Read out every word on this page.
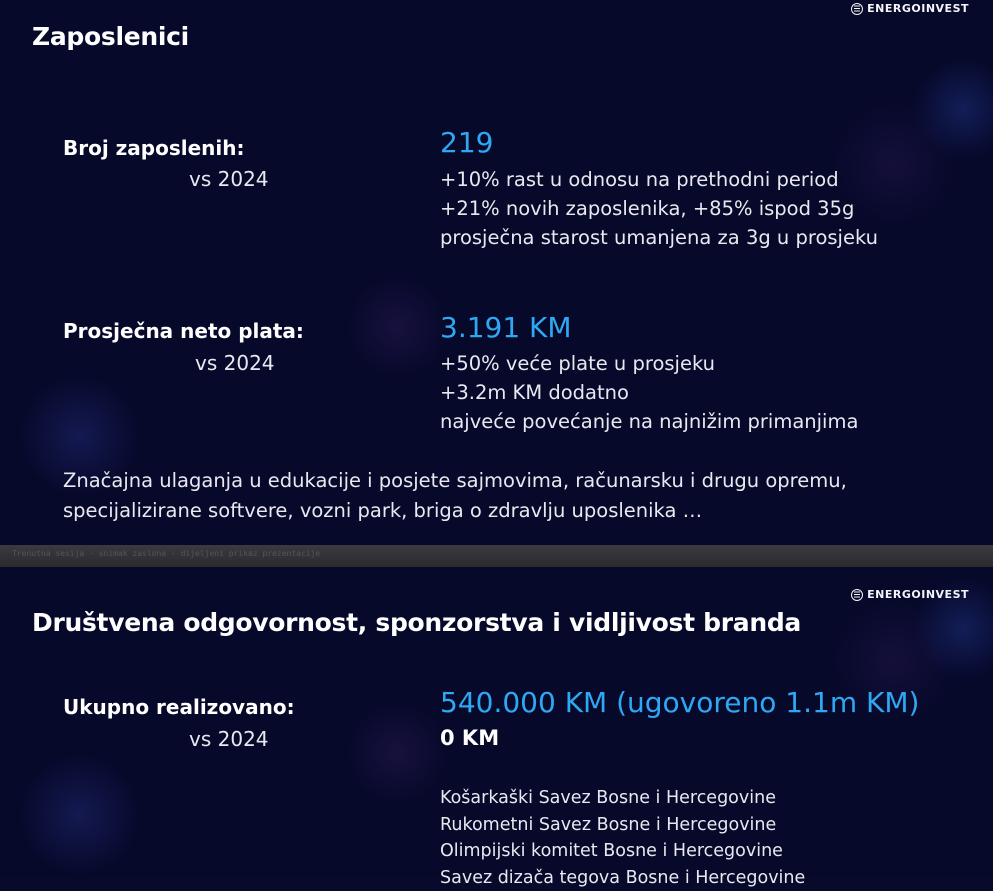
ENERGOINVEST
Zaposlenici
Broj zaposlenih:
vs 2024
219
+10% rast u odnosu na prethodni period
+21% novih zaposlenika, +85% ispod 35g
prosječna starost umanjena za 3g u prosjeku
Prosječna neto plata:
vs 2024
3.191 KM
+50% veće plate u prosjeku
+3.2m KM dodatno
najveće povećanje na najnižim primanjima
Značajna ulaganja u edukacije i posjete sajmovima, računarsku i drugu opremu,
specijalizirane softvere, vozni park, briga o zdravlju uposlenika …
Trenutna sesija · snimak zaslona · dijeljeni prikaz prezentacije
ENERGOINVEST
Društvena odgovornost, sponzorstva i vidljivost branda
Ukupno realizovano:
vs 2024
540.000 KM (ugovoreno 1.1m KM)
0 KM
Košarkaški Savez Bosne i Hercegovine
Rukometni Savez Bosne i Hercegovine
Olimpijski komitet Bosne i Hercegovine
Savez dizača tegova Bosne i Hercegovine
